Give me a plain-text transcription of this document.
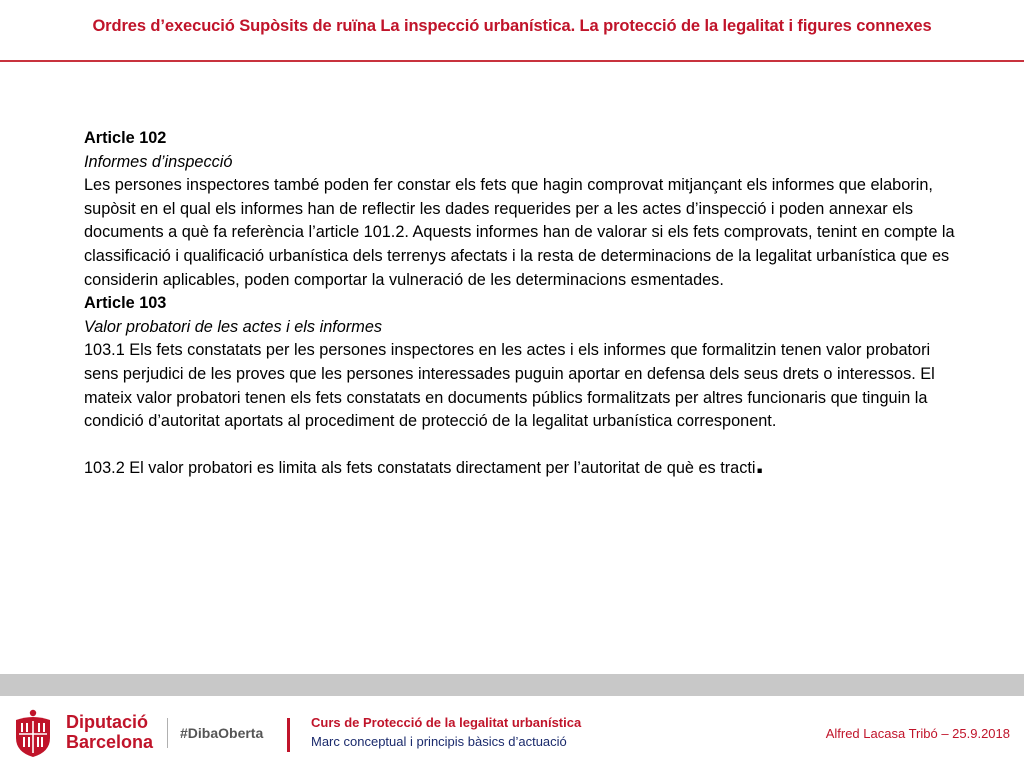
Ordres d’execució Supòsits de ruïna La inspecció urbanística. La protecció de la legalitat i figures connexes

Article 102

Informes d’inspecció

Les persones inspectores també poden fer constar els fets que hagin comprovat mitjançant els informes que elaborin, supòsit en el qual els informes han de reflectir les dades requerides per a les actes d’inspecció i poden annexar els documents a què fa referència l’article 101.2. Aquests informes han de valorar si els fets comprovats, tenint en compte la classificació i qualificació urbanística dels terrenys afectats i la resta de determinacions de la legalitat urbanística que es considerin aplicables, poden comportar la vulneració de les determinacions esmentades.

Article 103

Valor probatori de les actes i els informes

103.1 Els fets constatats per les persones inspectores en les actes i els informes que formalitzin tenen valor probatori sens perjudici de les proves que les persones interessades puguin aportar en defensa dels seus drets o interessos. El mateix valor probatori tenen els fets constatats en documents públics formalitzats per altres funcionaris que tinguin la condició d’autoritat aportats al procediment de protecció de la legalitat urbanística corresponent.

103.2 El valor probatori es limita als fets constatats directament per l’autoritat de què es tracti.

Diputació
Barcelona #DibaOberta
Curs de Protecció de la legalitat urbanística
Marc conceptual i principis bàsics d’actuació
Alfred Lacasa Tribó – 25.9.2018
